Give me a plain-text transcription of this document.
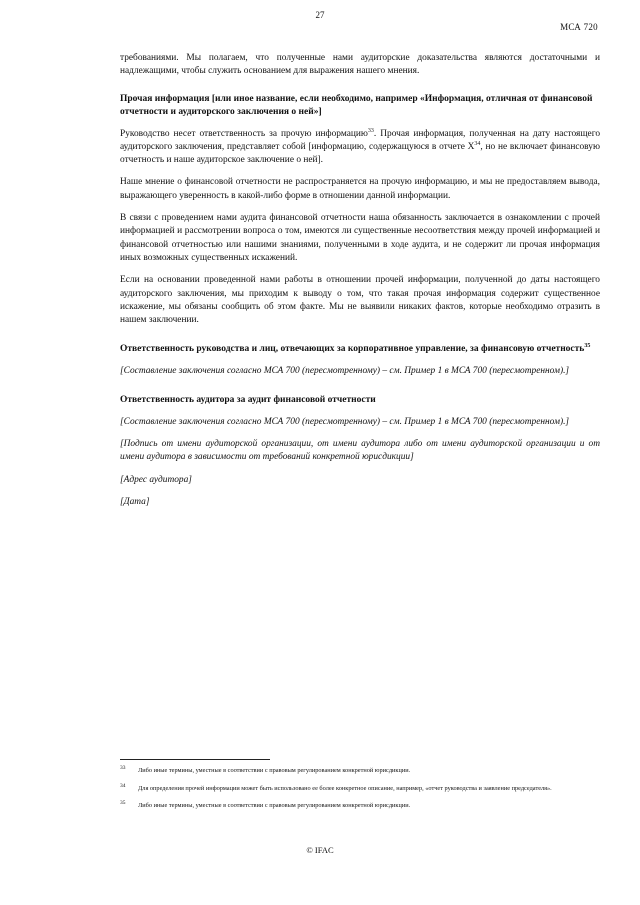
27
МСА 720

требованиями. Мы полагаем, что полученные нами аудиторские доказательства являются достаточными и надлежащими, чтобы служить основанием для выражения нашего мнения.

Прочая информация [или иное название, если необходимо, например «Информация, отличная от финансовой отчетности и аудиторского заключения о ней»]

Руководство несет ответственность за прочую информацию$^{33}$. Прочая информация, полученная на дату настоящего аудиторского заключения, представляет собой [информацию, содержащуюся в отчете $X^{34}$, но не включает финансовую отчетность и наше аудиторское заключение о ней].

Наше мнение о финансовой отчетности не распространяется на прочую информацию, и мы не предоставляем вывода, выражающего уверенность в какой-либо форме в отношении данной информации.

В связи с проведением нами аудита финансовой отчетности наша обязанность заключается в ознакомлении с прочей информацией и рассмотрении вопроса о том, имеются ли существенные несоответствия между прочей информацией и финансовой отчетностью или нашими знаниями, полученными в ходе аудита, и не содержит ли прочая информация иных возможных существенных искажений.

Если на основании проведенной нами работы в отношении прочей информации, полученной до даты настоящего аудиторского заключения, мы приходим к выводу о том, что такая прочая информация содержит существенное искажение, мы обязаны сообщить об этом факте. Мы не выявили никаких фактов, которые необходимо отразить в нашем заключении.

Ответственность руководства и лиц, отвечающих за корпоративное управление, за финансовую отчетность$^{35}$

[Составление заключения согласно МСА 700 (пересмотренному) – см. Пример 1 в МСА 700 (пересмотренном).]

Ответственность аудитора за аудит финансовой отчетности

[Составление заключения согласно МСА 700 (пересмотренному) – см. Пример 1 в МСА 700 (пересмотренном).]

[Подпись от имени аудиторской организации, от имени аудитора либо от имени аудиторской организации и от имени аудитора в зависимости от требований конкретной юрисдикции]

[Адрес аудитора]

[Дата]

33 Либо иные термины, уместные в соответствии с правовым регулированием конкретной юрисдикции.
34 Для определения прочей информации может быть использовано ее более конкретное описание, например, «отчет руководства и заявление председателя».
35 Либо иные термины, уместные в соответствии с правовым регулированием конкретной юрисдикции.
© IFAC
